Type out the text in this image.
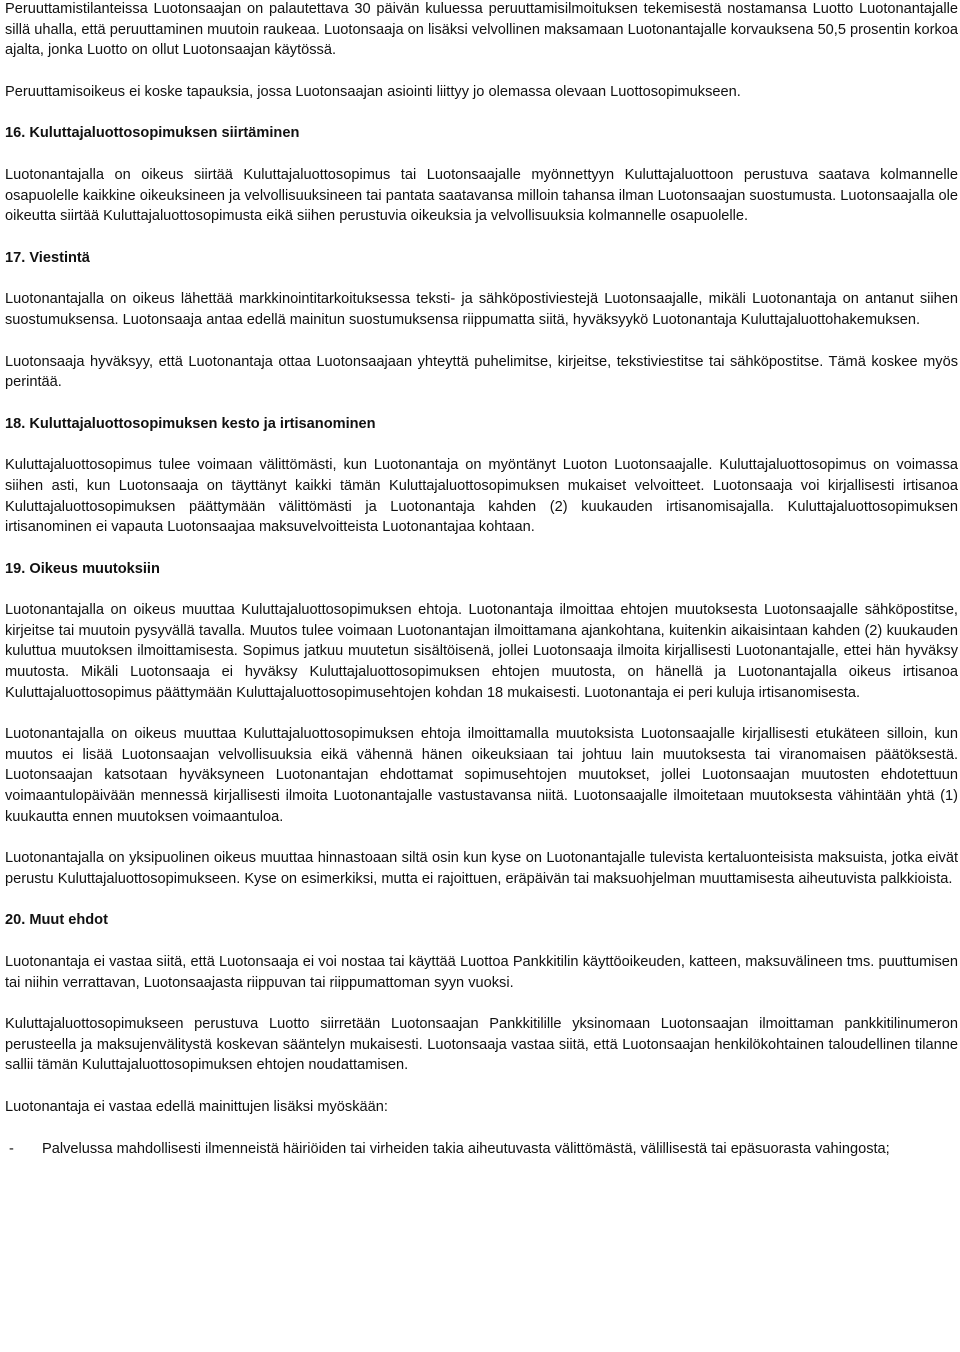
Peruuttamistilanteissa Luotonsaajan on palautettava 30 päivän kuluessa peruuttamisilmoituksen tekemisestä nostamansa Luotto Luotonantajalle sillä uhalla, että peruuttaminen muutoin raukeaa. Luotonsaaja on lisäksi velvollinen maksamaan Luotonantajalle korvauksena 50,5 prosentin korkoa ajalta, jonka Luotto on ollut Luotonsaajan käytössä.

Peruuttamisoikeus ei koske tapauksia, jossa Luotonsaajan asiointi liittyy jo olemassa olevaan Luottosopimukseen.

16. Kuluttajaluottosopimuksen siirtäminen

Luotonantajalla on oikeus siirtää Kuluttajaluottosopimus tai Luotonsaajalle myönnettyyn Kuluttajaluottoon perustuva saatava kolmannelle osapuolelle kaikkine oikeuksineen ja velvollisuuksineen tai pantata saatavansa milloin tahansa ilman Luotonsaajan suostumusta. Luotonsaajalla ole oikeutta siirtää Kuluttajaluottosopimusta eikä siihen perustuvia oikeuksia ja velvollisuuksia kolmannelle osapuolelle.

17. Viestintä

Luotonantajalla on oikeus lähettää markkinointitarkoituksessa teksti- ja sähköpostiviestejä Luotonsaajalle, mikäli Luotonantaja on antanut siihen suostumuksensa. Luotonsaaja antaa edellä mainitun suostumuksensa riippumatta siitä, hyväksyykö Luotonantaja Kuluttajaluottohakemuksen.

Luotonsaaja hyväksyy, että Luotonantaja ottaa Luotonsaajaan yhteyttä puhelimitse, kirjeitse, tekstiviestitse tai sähköpostitse. Tämä koskee myös perintää.

18. Kuluttajaluottosopimuksen kesto ja irtisanominen

Kuluttajaluottosopimus tulee voimaan välittömästi, kun Luotonantaja on myöntänyt Luoton Luotonsaajalle. Kuluttajaluottosopimus on voimassa siihen asti, kun Luotonsaaja on täyttänyt kaikki tämän Kuluttajaluottosopimuksen mukaiset velvoitteet. Luotonsaaja voi kirjallisesti irtisanoa Kuluttajaluottosopimuksen päättymään välittömästi ja Luotonantaja kahden (2) kuukauden irtisanomisajalla. Kuluttajaluottosopimuksen irtisanominen ei vapauta Luotonsaajaa maksuvelvoitteista Luotonantajaa kohtaan.

19. Oikeus muutoksiin

Luotonantajalla on oikeus muuttaa Kuluttajaluottosopimuksen ehtoja. Luotonantaja ilmoittaa ehtojen muutoksesta Luotonsaajalle sähköpostitse, kirjeitse tai muutoin pysyvällä tavalla. Muutos tulee voimaan Luotonantajan ilmoittamana ajankohtana, kuitenkin aikaisintaan kahden (2) kuukauden kuluttua muutoksen ilmoittamisesta. Sopimus jatkuu muutetun sisältöisenä, jollei Luotonsaaja ilmoita kirjallisesti Luotonantajalle, ettei hän hyväksy muutosta. Mikäli Luotonsaaja ei hyväksy Kuluttajaluottosopimuksen ehtojen muutosta, on hänellä ja Luotonantajalla oikeus irtisanoa Kuluttajaluottosopimus päättymään Kuluttajaluottosopimusehtojen kohdan 18 mukaisesti. Luotonantaja ei peri kuluja irtisanomisesta.

Luotonantajalla on oikeus muuttaa Kuluttajaluottosopimuksen ehtoja ilmoittamalla muutoksista Luotonsaajalle kirjallisesti etukäteen silloin, kun muutos ei lisää Luotonsaajan velvollisuuksia eikä vähennä hänen oikeuksiaan tai johtuu lain muutoksesta tai viranomaisen päätöksestä. Luotonsaajan katsotaan hyväksyneen Luotonantajan ehdottamat sopimusehtojen muutokset, jollei Luotonsaajan muutosten ehdotettuun voimaantulopäivään mennessä kirjallisesti ilmoita Luotonantajalle vastustavansa niitä. Luotonsaajalle ilmoitetaan muutoksesta vähintään yhtä (1) kuukautta ennen muutoksen voimaantuloa.

Luotonantajalla on yksipuolinen oikeus muuttaa hinnastoaan siltä osin kun kyse on Luotonantajalle tulevista kertaluonteisista maksuista, jotka eivät perustu Kuluttajaluottosopimukseen. Kyse on esimerkiksi, mutta ei rajoittuen, eräpäivän tai maksuohjelman muuttamisesta aiheutuvista palkkioista.

20. Muut ehdot

Luotonantaja ei vastaa siitä, että Luotonsaaja ei voi nostaa tai käyttää Luottoa Pankkitilin käyttöoikeuden, katteen, maksuvälineen tms. puuttumisen tai niihin verrattavan, Luotonsaajasta riippuvan tai riippumattoman syyn vuoksi.

Kuluttajaluottosopimukseen perustuva Luotto siirretään Luotonsaajan Pankkitilille yksinomaan Luotonsaajan ilmoittaman pankkitilinumeron perusteella ja maksujenvälitystä koskevan sääntelyn mukaisesti. Luotonsaaja vastaa siitä, että Luotonsaajan henkilökohtainen taloudellinen tilanne sallii tämän Kuluttajaluottosopimuksen ehtojen noudattamisen.

Luotonantaja ei vastaa edellä mainittujen lisäksi myöskään:

-	Palvelussa mahdollisesti ilmenneistä häiriöiden tai virheiden takia aiheutuvasta välittömästä, välillisestä tai epäsuorasta vahingosta;
